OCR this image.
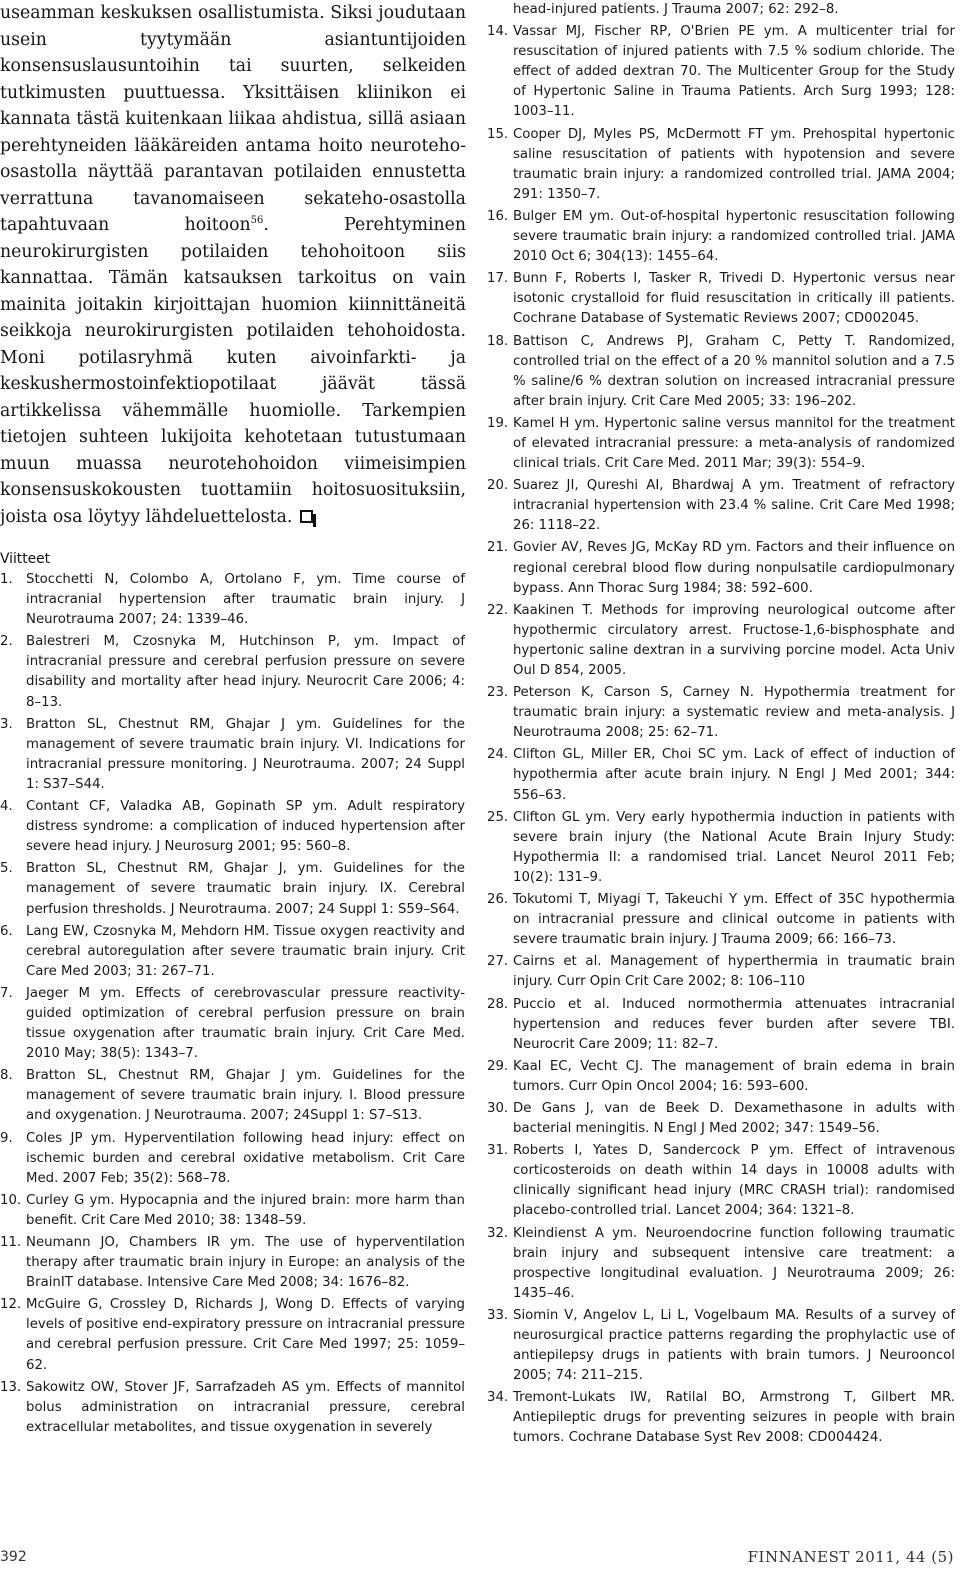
useamman keskuksen osallistumista. Siksi joudutaan usein tyytymään asiantuntijoiden konsensuslausuntoihin tai suurten, selkeiden tutkimusten puuttuessa. Yksittäisen kliinikon ei kannata tästä kuitenkaan liikaa ahdistua, sillä asiaan perehtyneiden lääkäreiden antama hoito neuroteho-osastolla näyttää parantavan potilaiden ennustetta verrattuna tavanomaiseen sekateho-osastolla tapahtuvaan hoitoon$^{56}$. Perehtyminen neurokirurgisten potilaiden tehohoitoon siis kannattaa. Tämän katsauksen tarkoitus on vain mainita joitakin kirjoittajan huomion kiinnittäneitä seikkoja neurokirurgisten potilaiden tehohoidosta. Moni potilasryhmä kuten aivoinfarkti- ja keskushermostoinfektiopotilaat jäävät tässä artikkelissa vähemmälle huomiolle. Tarkempien tietojen suhteen lukijoita kehotetaan tutustumaan muun muassa neurotehohoidon viimeisimpien konsensuskokousten tuottamiin hoitosuosituksiin, joista osa löytyy lähdeluettelosta.

Viitteet
1. Stocchetti N, Colombo A, Ortolano F, ym. Time course of intracranial hypertension after traumatic brain injury. J Neurotrauma 2007; 24: 1339–46.
2. Balestreri M, Czosnyka M, Hutchinson P, ym. Impact of intracranial pressure and cerebral perfusion pressure on severe disability and mortality after head injury. Neurocrit Care 2006; 4: 8–13.
3. Bratton SL, Chestnut RM, Ghajar J ym. Guidelines for the management of severe traumatic brain injury. VI. Indications for intracranial pressure monitoring. J Neurotrauma. 2007; 24 Suppl 1: S37–S44.
4. Contant CF, Valadka AB, Gopinath SP ym. Adult respiratory distress syndrome: a complication of induced hypertension after severe head injury. J Neurosurg 2001; 95: 560–8.
5. Bratton SL, Chestnut RM, Ghajar J, ym. Guidelines for the management of severe traumatic brain injury. IX. Cerebral perfusion thresholds. J Neurotrauma. 2007; 24 Suppl 1: S59–S64.
6. Lang EW, Czosnyka M, Mehdorn HM. Tissue oxygen reactivity and cerebral autoregulation after severe traumatic brain injury. Crit Care Med 2003; 31: 267–71.
7. Jaeger M ym. Effects of cerebrovascular pressure reactivity-guided optimization of cerebral perfusion pressure on brain tissue oxygenation after traumatic brain injury. Crit Care Med. 2010 May; 38(5): 1343–7.
8. Bratton SL, Chestnut RM, Ghajar J ym. Guidelines for the management of severe traumatic brain injury. I. Blood pressure and oxygenation. J Neurotrauma. 2007; 24Suppl 1: S7–S13.
9. Coles JP ym. Hyperventilation following head injury: effect on ischemic burden and cerebral oxidative metabolism. Crit Care Med. 2007 Feb; 35(2): 568–78.
10. Curley G ym. Hypocapnia and the injured brain: more harm than benefit. Crit Care Med 2010; 38: 1348–59.
11. Neumann JO, Chambers IR ym. The use of hyperventilation therapy after traumatic brain injury in Europe: an analysis of the BrainIT database. Intensive Care Med 2008; 34: 1676–82.
12. McGuire G, Crossley D, Richards J, Wong D. Effects of varying levels of positive end-expiratory pressure on intracranial pressure and cerebral perfusion pressure. Crit Care Med 1997; 25: 1059–62.
13. Sakowitz OW, Stover JF, Sarrafzadeh AS ym. Effects of mannitol bolus administration on intracranial pressure, cerebral extracellular metabolites, and tissue oxygenation in severely
head-injured patients. J Trauma 2007; 62: 292–8.
14. Vassar MJ, Fischer RP, O'Brien PE ym. A multicenter trial for resuscitation of injured patients with 7.5 % sodium chloride. The effect of added dextran 70. The Multicenter Group for the Study of Hypertonic Saline in Trauma Patients. Arch Surg 1993; 128: 1003–11.
15. Cooper DJ, Myles PS, McDermott FT ym. Prehospital hypertonic saline resuscitation of patients with hypotension and severe traumatic brain injury: a randomized controlled trial. JAMA 2004; 291: 1350–7.
16. Bulger EM ym. Out-of-hospital hypertonic resuscitation following severe traumatic brain injury: a randomized controlled trial. JAMA 2010 Oct 6; 304(13): 1455–64.
17. Bunn F, Roberts I, Tasker R, Trivedi D. Hypertonic versus near isotonic crystalloid for fluid resuscitation in critically ill patients. Cochrane Database of Systematic Reviews 2007; CD002045.
18. Battison C, Andrews PJ, Graham C, Petty T. Randomized, controlled trial on the effect of a 20 % mannitol solution and a 7.5 % saline/6 % dextran solution on increased intracranial pressure after brain injury. Crit Care Med 2005; 33: 196–202.
19. Kamel H ym. Hypertonic saline versus mannitol for the treatment of elevated intracranial pressure: a meta-analysis of randomized clinical trials. Crit Care Med. 2011 Mar; 39(3): 554–9.
20. Suarez JI, Qureshi AI, Bhardwaj A ym. Treatment of refractory intracranial hypertension with 23.4 % saline. Crit Care Med 1998; 26: 1118–22.
21. Govier AV, Reves JG, McKay RD ym. Factors and their influence on regional cerebral blood flow during nonpulsatile cardiopulmonary bypass. Ann Thorac Surg 1984; 38: 592–600.
22. Kaakinen T. Methods for improving neurological outcome after hypothermic circulatory arrest. Fructose-1,6-bisphosphate and hypertonic saline dextran in a surviving porcine model. Acta Univ Oul D 854, 2005.
23. Peterson K, Carson S, Carney N. Hypothermia treatment for traumatic brain injury: a systematic review and meta-analysis. J Neurotrauma 2008; 25: 62–71.
24. Clifton GL, Miller ER, Choi SC ym. Lack of effect of induction of hypothermia after acute brain injury. N Engl J Med 2001; 344: 556–63.
25. Clifton GL ym. Very early hypothermia induction in patients with severe brain injury (the National Acute Brain Injury Study: Hypothermia II: a randomised trial. Lancet Neurol 2011 Feb; 10(2): 131–9.
26. Tokutomi T, Miyagi T, Takeuchi Y ym. Effect of 35C hypothermia on intracranial pressure and clinical outcome in patients with severe traumatic brain injury. J Trauma 2009; 66: 166–73.
27. Cairns et al. Management of hyperthermia in traumatic brain injury. Curr Opin Crit Care 2002; 8: 106–110
28. Puccio et al. Induced normothermia attenuates intracranial hypertension and reduces fever burden after severe TBI. Neurocrit Care 2009; 11: 82–7.
29. Kaal EC, Vecht CJ. The management of brain edema in brain tumors. Curr Opin Oncol 2004; 16: 593–600.
30. De Gans J, van de Beek D. Dexamethasone in adults with bacterial meningitis. N Engl J Med 2002; 347: 1549–56.
31. Roberts I, Yates D, Sandercock P ym. Effect of intravenous corticosteroids on death within 14 days in 10008 adults with clinically significant head injury (MRC CRASH trial): randomised placebo-controlled trial. Lancet 2004; 364: 1321–8.
32. Kleindienst A ym. Neuroendocrine function following traumatic brain injury and subsequent intensive care treatment: a prospective longitudinal evaluation. J Neurotrauma 2009; 26: 1435–46.
33. Siomin V, Angelov L, Li L, Vogelbaum MA. Results of a survey of neurosurgical practice patterns regarding the prophylactic use of antiepilepsy drugs in patients with brain tumors. J Neurooncol 2005; 74: 211–215.
34. Tremont-Lukats IW, Ratilal BO, Armstrong T, Gilbert MR. Antiepileptic drugs for preventing seizures in people with brain tumors. Cochrane Database Syst Rev 2008: CD004424.
392	FINNANEST 2011, 44 (5)
